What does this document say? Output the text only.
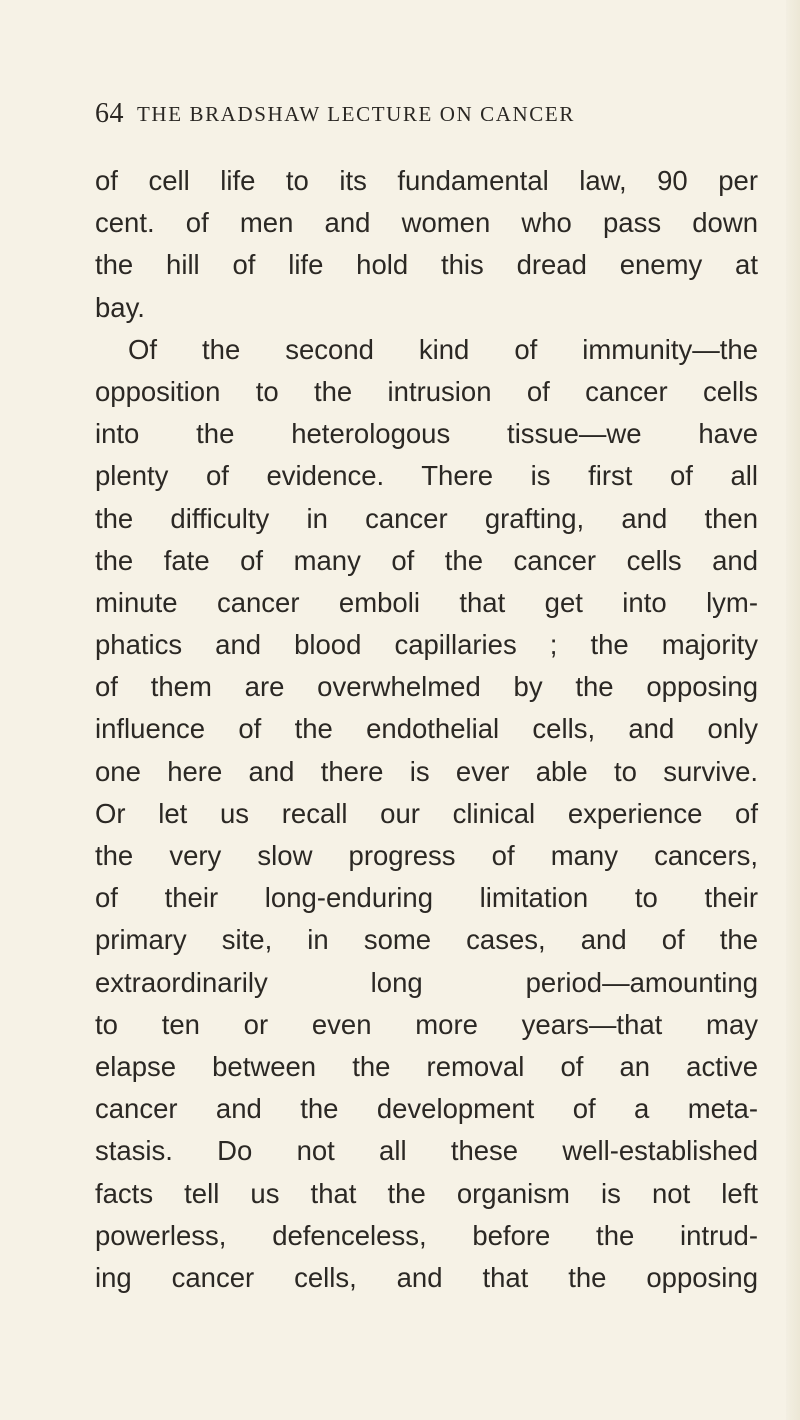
64 THE BRADSHAW LECTURE ON CANCER
of cell life to its fundamental law, 90 per
cent. of men and women who pass down
the hill of life hold this dread enemy at
bay.
Of the second kind of immunity—the
opposition to the intrusion of cancer cells
into the heterologous tissue—we have
plenty of evidence. There is first of all
the difficulty in cancer grafting, and then
the fate of many of the cancer cells and
minute cancer emboli that get into lym-
phatics and blood capillaries ; the majority
of them are overwhelmed by the opposing
influence of the endothelial cells, and only
one here and there is ever able to survive.
Or let us recall our clinical experience of
the very slow progress of many cancers,
of their long-enduring limitation to their
primary site, in some cases, and of the
extraordinarily long period—amounting
to ten or even more years—that may
elapse between the removal of an active
cancer and the development of a meta-
stasis. Do not all these well-established
facts tell us that the organism is not left
powerless, defenceless, before the intrud-
ing cancer cells, and that the opposing
